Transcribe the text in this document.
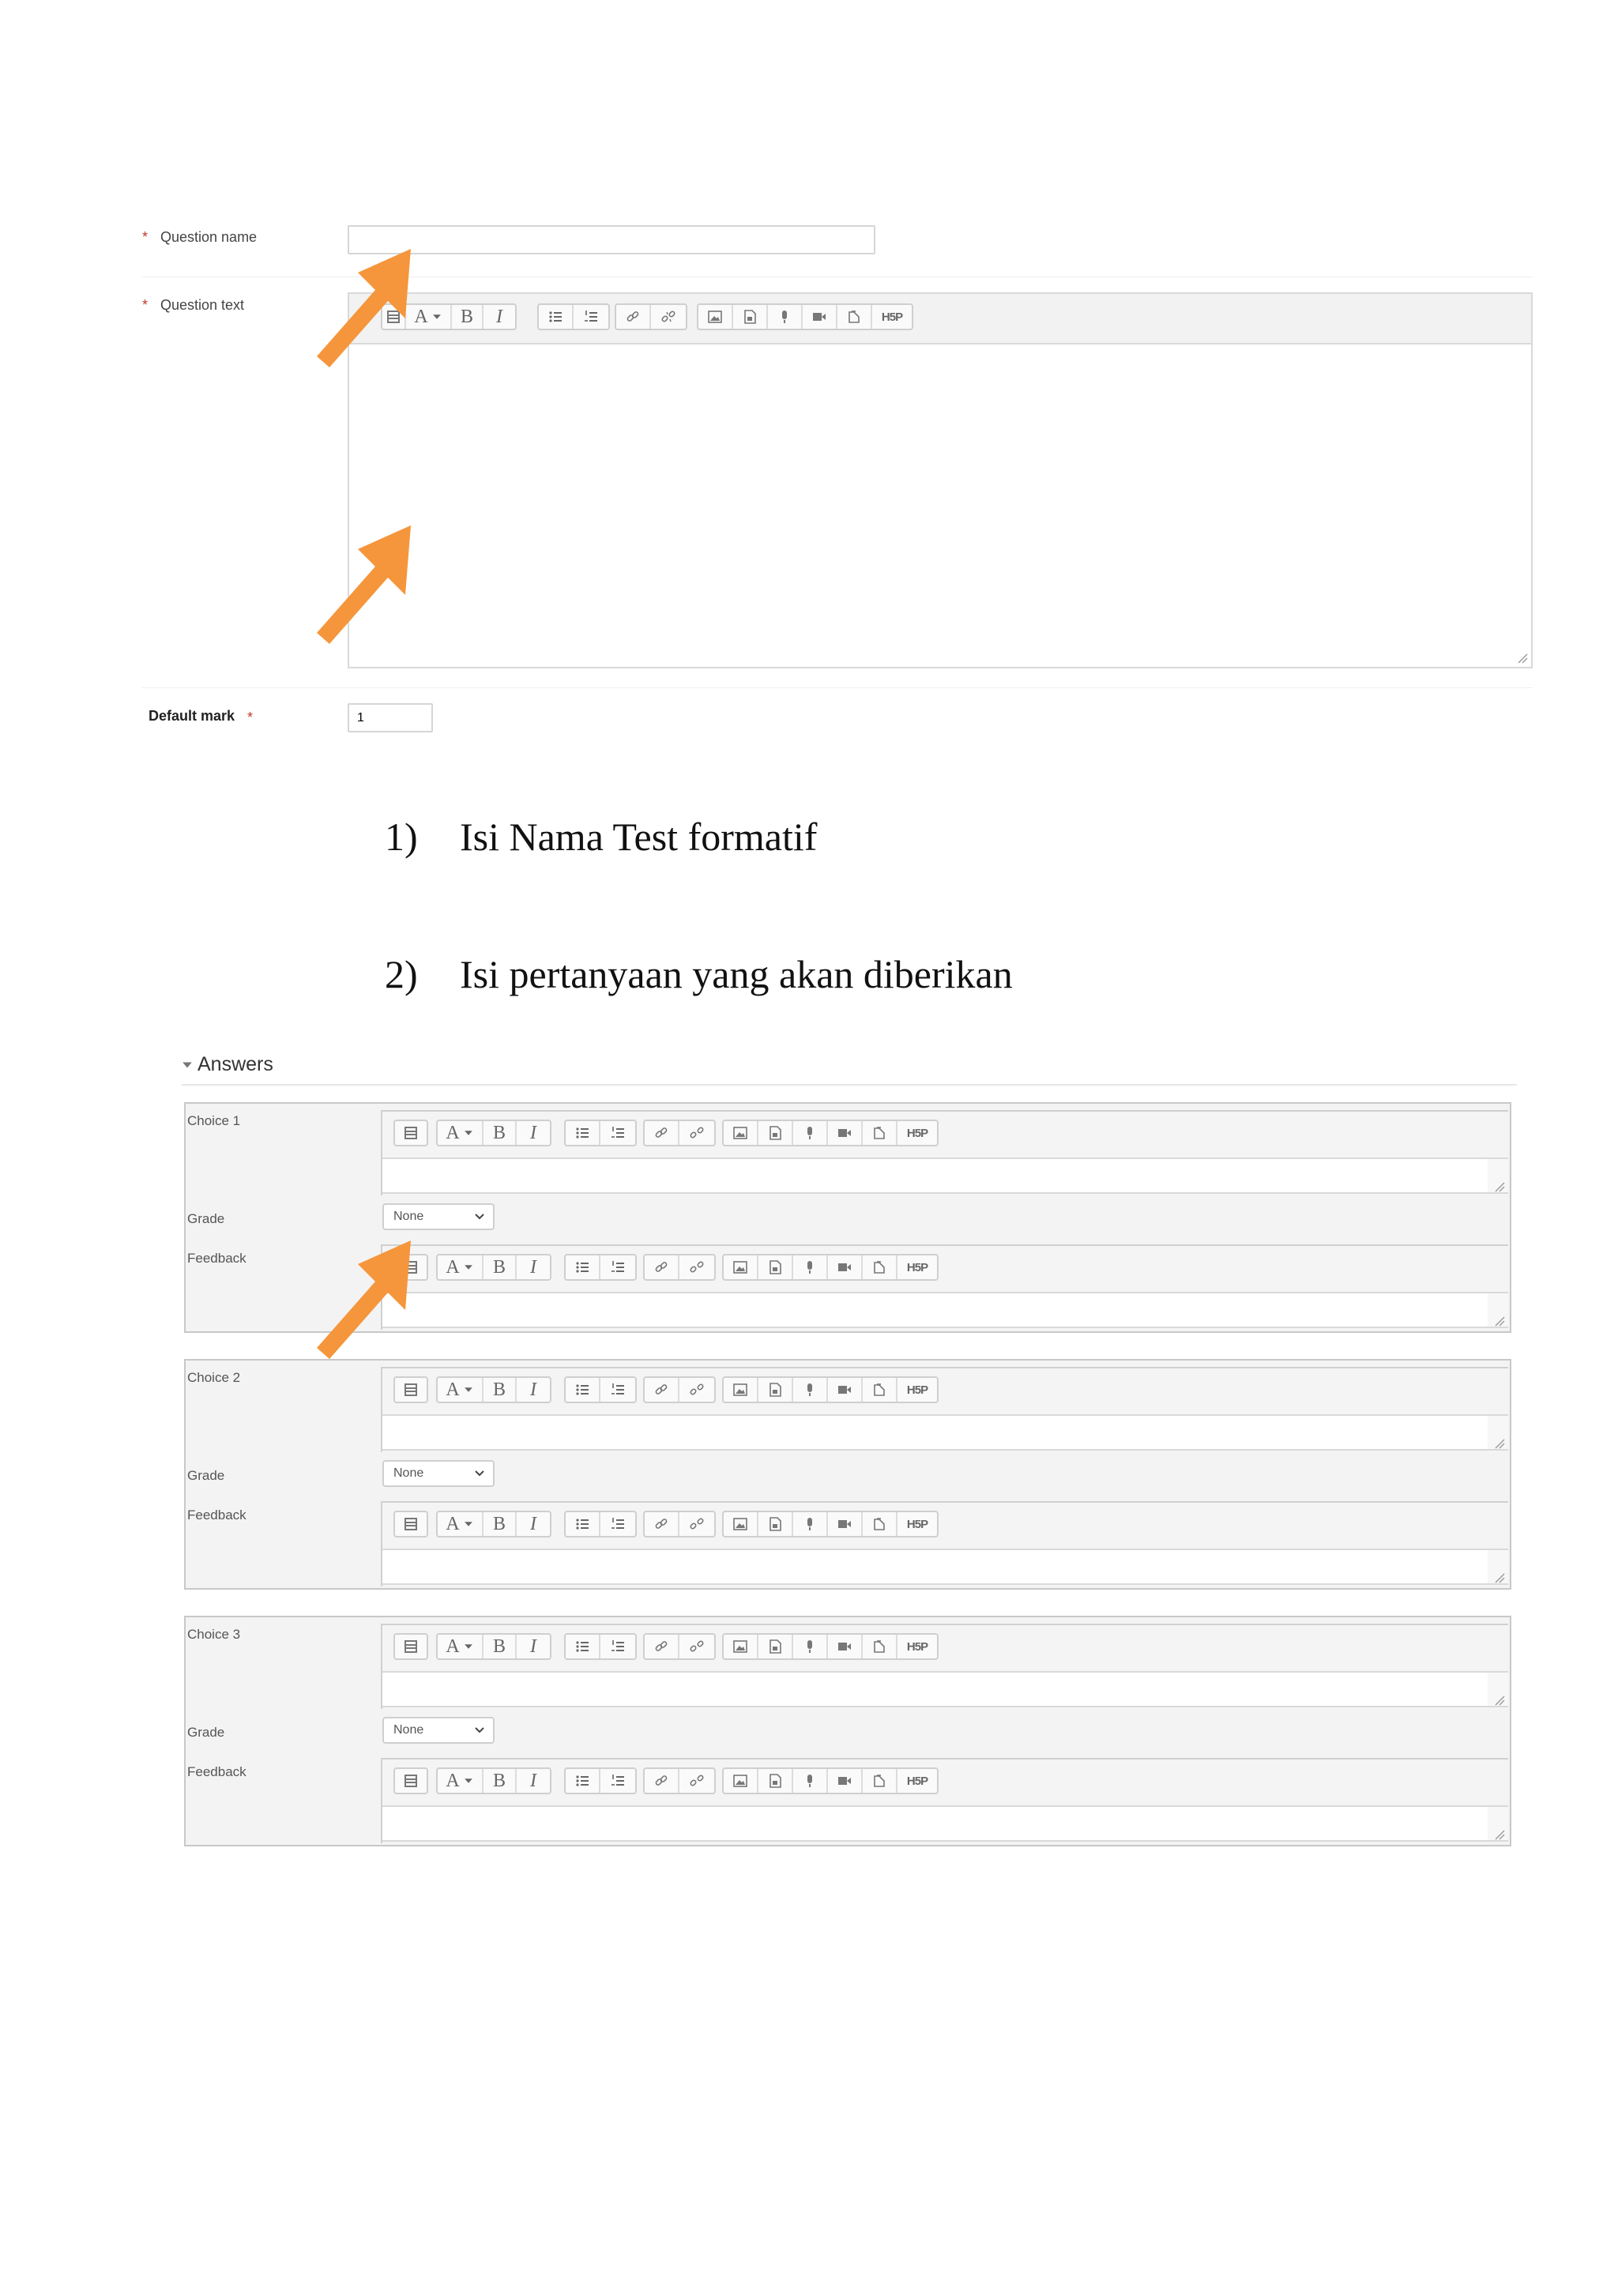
* Question name
* Question text
A	B	I	H5P
Default mark *
1
1) Isi Nama Test formatif
2) Isi pertanyaan yang akan diberikan
Answers
Choice 1
A	B	I	H5P
Grade	None
Feedback	A	B	I	H5P
Choice 2
A	B	I	H5P
Grade	None
Feedback	A	B	I	H5P
Choice 3
A	B	I	H5P
Grade	None
Feedback	A	B	I	H5P
